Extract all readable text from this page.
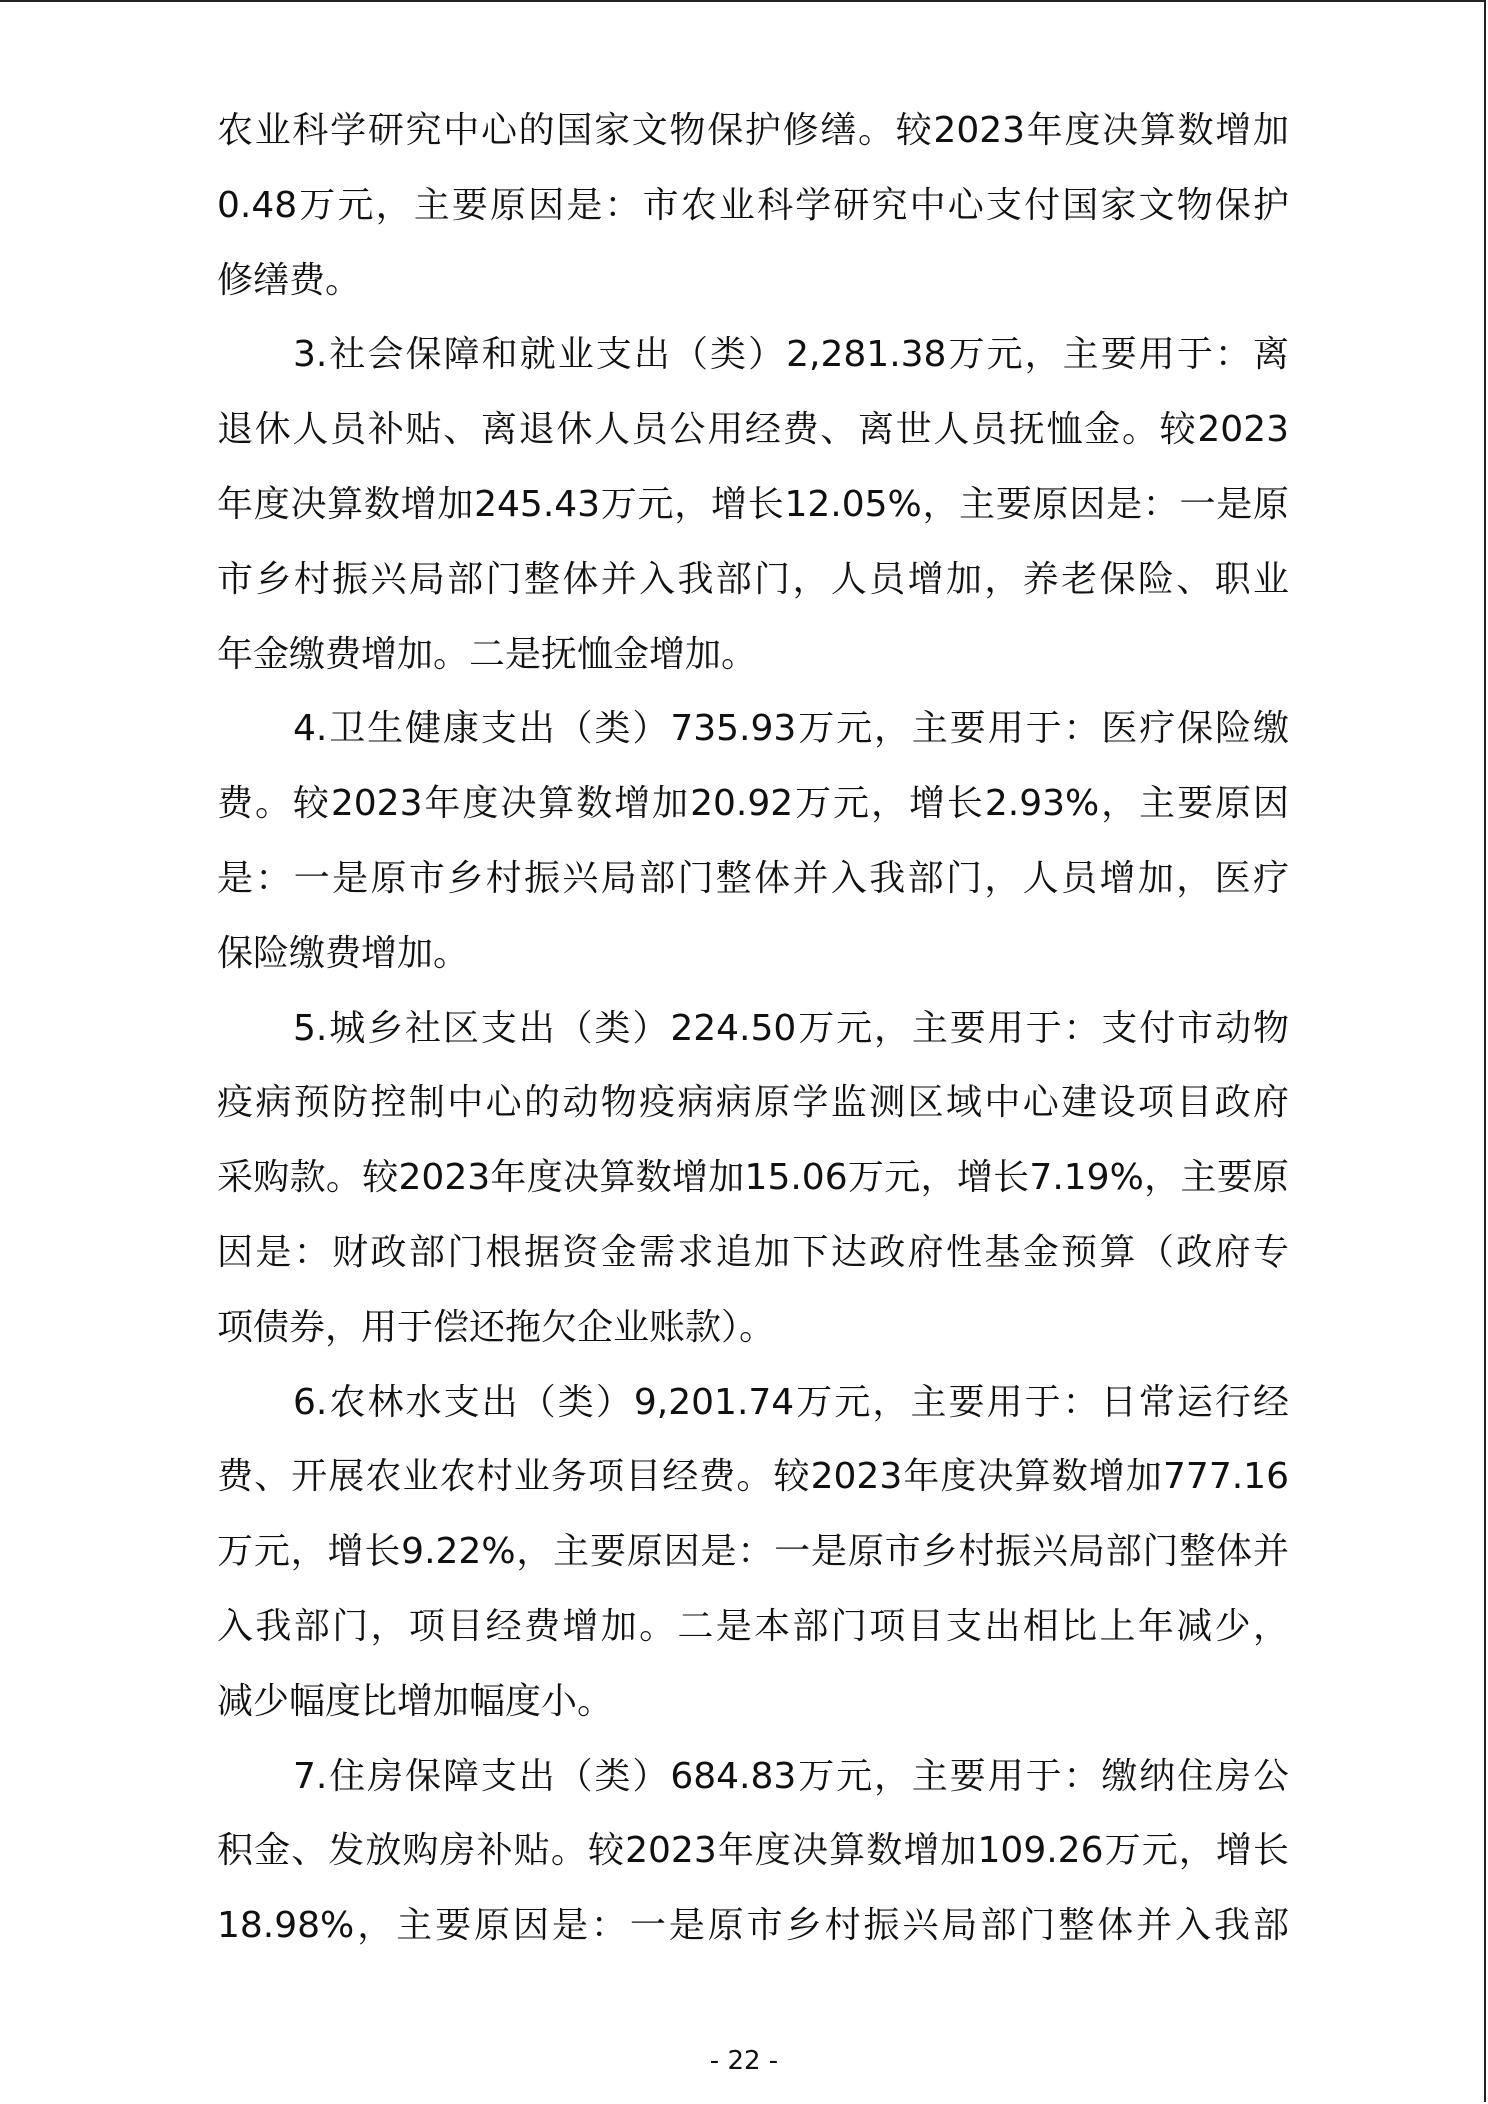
农业科学研究中心的国家文物保护修缮。较2023年度决算数增加
0.48万元，主要原因是：市农业科学研究中心支付国家文物保护
修缮费。
3.社会保障和就业支出（类）2,281.38万元，主要用于：离
退休人员补贴、离退休人员公用经费、离世人员抚恤金。较2023
年度决算数增加245.43万元，增长12.05%，主要原因是：一是原
市乡村振兴局部门整体并入我部门，人员增加，养老保险、职业
年金缴费增加。二是抚恤金增加。
4.卫生健康支出（类）735.93万元，主要用于：医疗保险缴
费。较2023年度决算数增加20.92万元，增长2.93%，主要原因
是：一是原市乡村振兴局部门整体并入我部门，人员增加，医疗
保险缴费增加。
5.城乡社区支出（类）224.50万元，主要用于：支付市动物
疫病预防控制中心的动物疫病病原学监测区域中心建设项目政府
采购款。较2023年度决算数增加15.06万元，增长7.19%，主要原
因是：财政部门根据资金需求追加下达政府性基金预算（政府专
项债券，用于偿还拖欠企业账款）。
6.农林水支出（类）9,201.74万元，主要用于：日常运行经
费、开展农业农村业务项目经费。较2023年度决算数增加777.16
万元，增长9.22%，主要原因是：一是原市乡村振兴局部门整体并
入我部门，项目经费增加。二是本部门项目支出相比上年减少，
减少幅度比增加幅度小。
7.住房保障支出（类）684.83万元，主要用于：缴纳住房公
积金、发放购房补贴。较2023年度决算数增加109.26万元，增长
18.98%，主要原因是：一是原市乡村振兴局部门整体并入我部
- 22 -
